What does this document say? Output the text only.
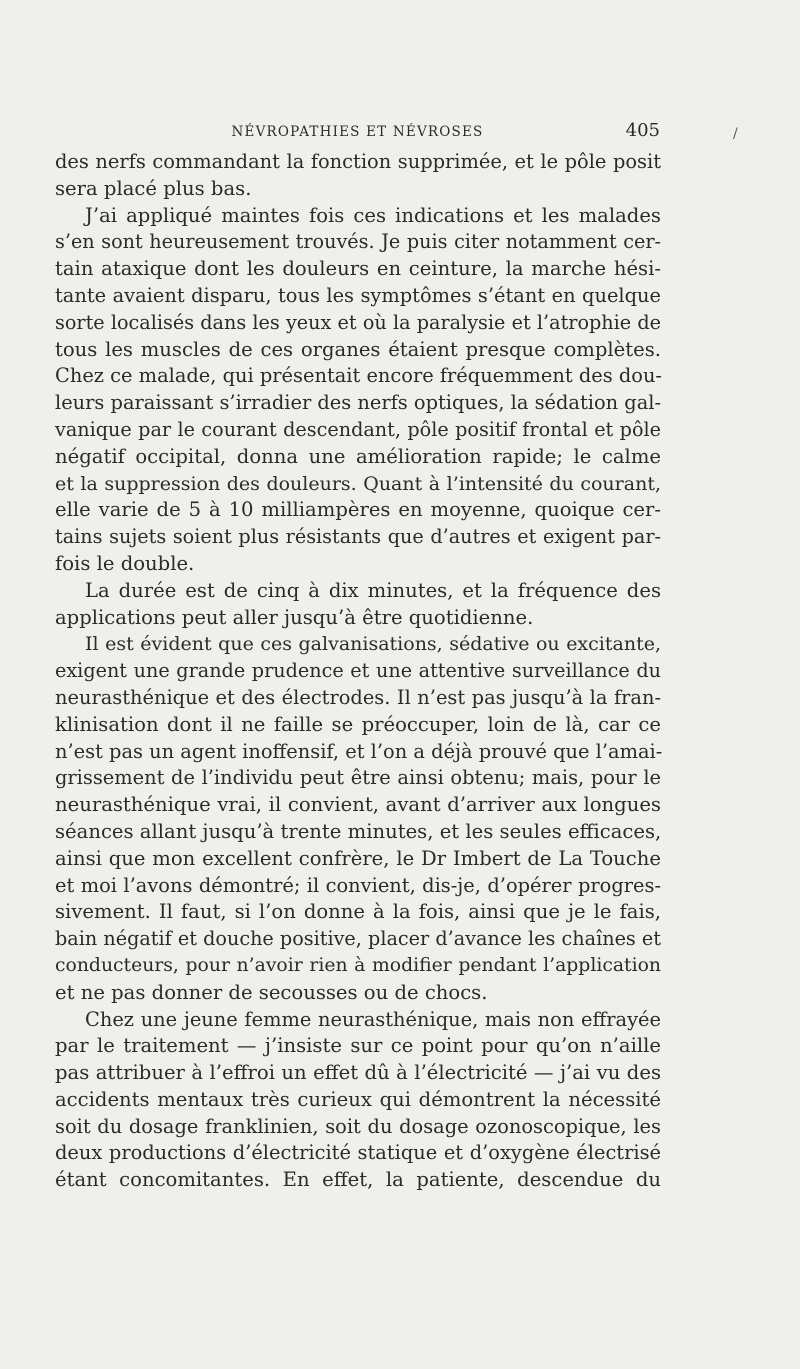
NÉVROPATHIES ET NÉVROSES	405	/
des nerfs commandant la fonction supprimée, et le pôle posit
sera placé plus bas.
J’ai appliqué maintes fois ces indications et les malades
s’en sont heureusement trouvés. Je puis citer notamment cer-
tain ataxique dont les douleurs en ceinture, la marche hési-
tante avaient disparu, tous les symptômes s’étant en quelque
sorte localisés dans les yeux et où la paralysie et l’atrophie de
tous les muscles de ces organes étaient presque complètes.
Chez ce malade, qui présentait encore fréquemment des dou-
leurs paraissant s’irradier des nerfs optiques, la sédation gal-
vanique par le courant descendant, pôle positif frontal et pôle
négatif occipital, donna une amélioration rapide; le calme
et la suppression des douleurs. Quant à l’intensité du courant,
elle varie de 5 à 10 milliampères en moyenne, quoique cer-
tains sujets soient plus résistants que d’autres et exigent par-
fois le double.
La durée est de cinq à dix minutes, et la fréquence des
applications peut aller jusqu’à être quotidienne.
Il est évident que ces galvanisations, sédative ou excitante,
exigent une grande prudence et une attentive surveillance du
neurasthénique et des électrodes. Il n’est pas jusqu’à la fran-
klinisation dont il ne faille se préoccuper, loin de là, car ce
n’est pas un agent inoffensif, et l’on a déjà prouvé que l’amai-
grissement de l’individu peut être ainsi obtenu; mais, pour le
neurasthénique vrai, il convient, avant d’arriver aux longues
séances allant jusqu’à trente minutes, et les seules efficaces,
ainsi que mon excellent confrère, le Dr Imbert de La Touche
et moi l’avons démontré; il convient, dis-je, d’opérer progres-
sivement. Il faut, si l’on donne à la fois, ainsi que je le fais,
bain négatif et douche positive, placer d’avance les chaînes et
conducteurs, pour n’avoir rien à modifier pendant l’application
et ne pas donner de secousses ou de chocs.
Chez une jeune femme neurasthénique, mais non effrayée
par le traitement — j’insiste sur ce point pour qu’on n’aille
pas attribuer à l’effroi un effet dû à l’électricité — j’ai vu des
accidents mentaux très curieux qui démontrent la nécessité
soit du dosage franklinien, soit du dosage ozonoscopique, les
deux productions d’électricité statique et d’oxygène électrisé
étant concomitantes. En effet, la patiente, descendue du
